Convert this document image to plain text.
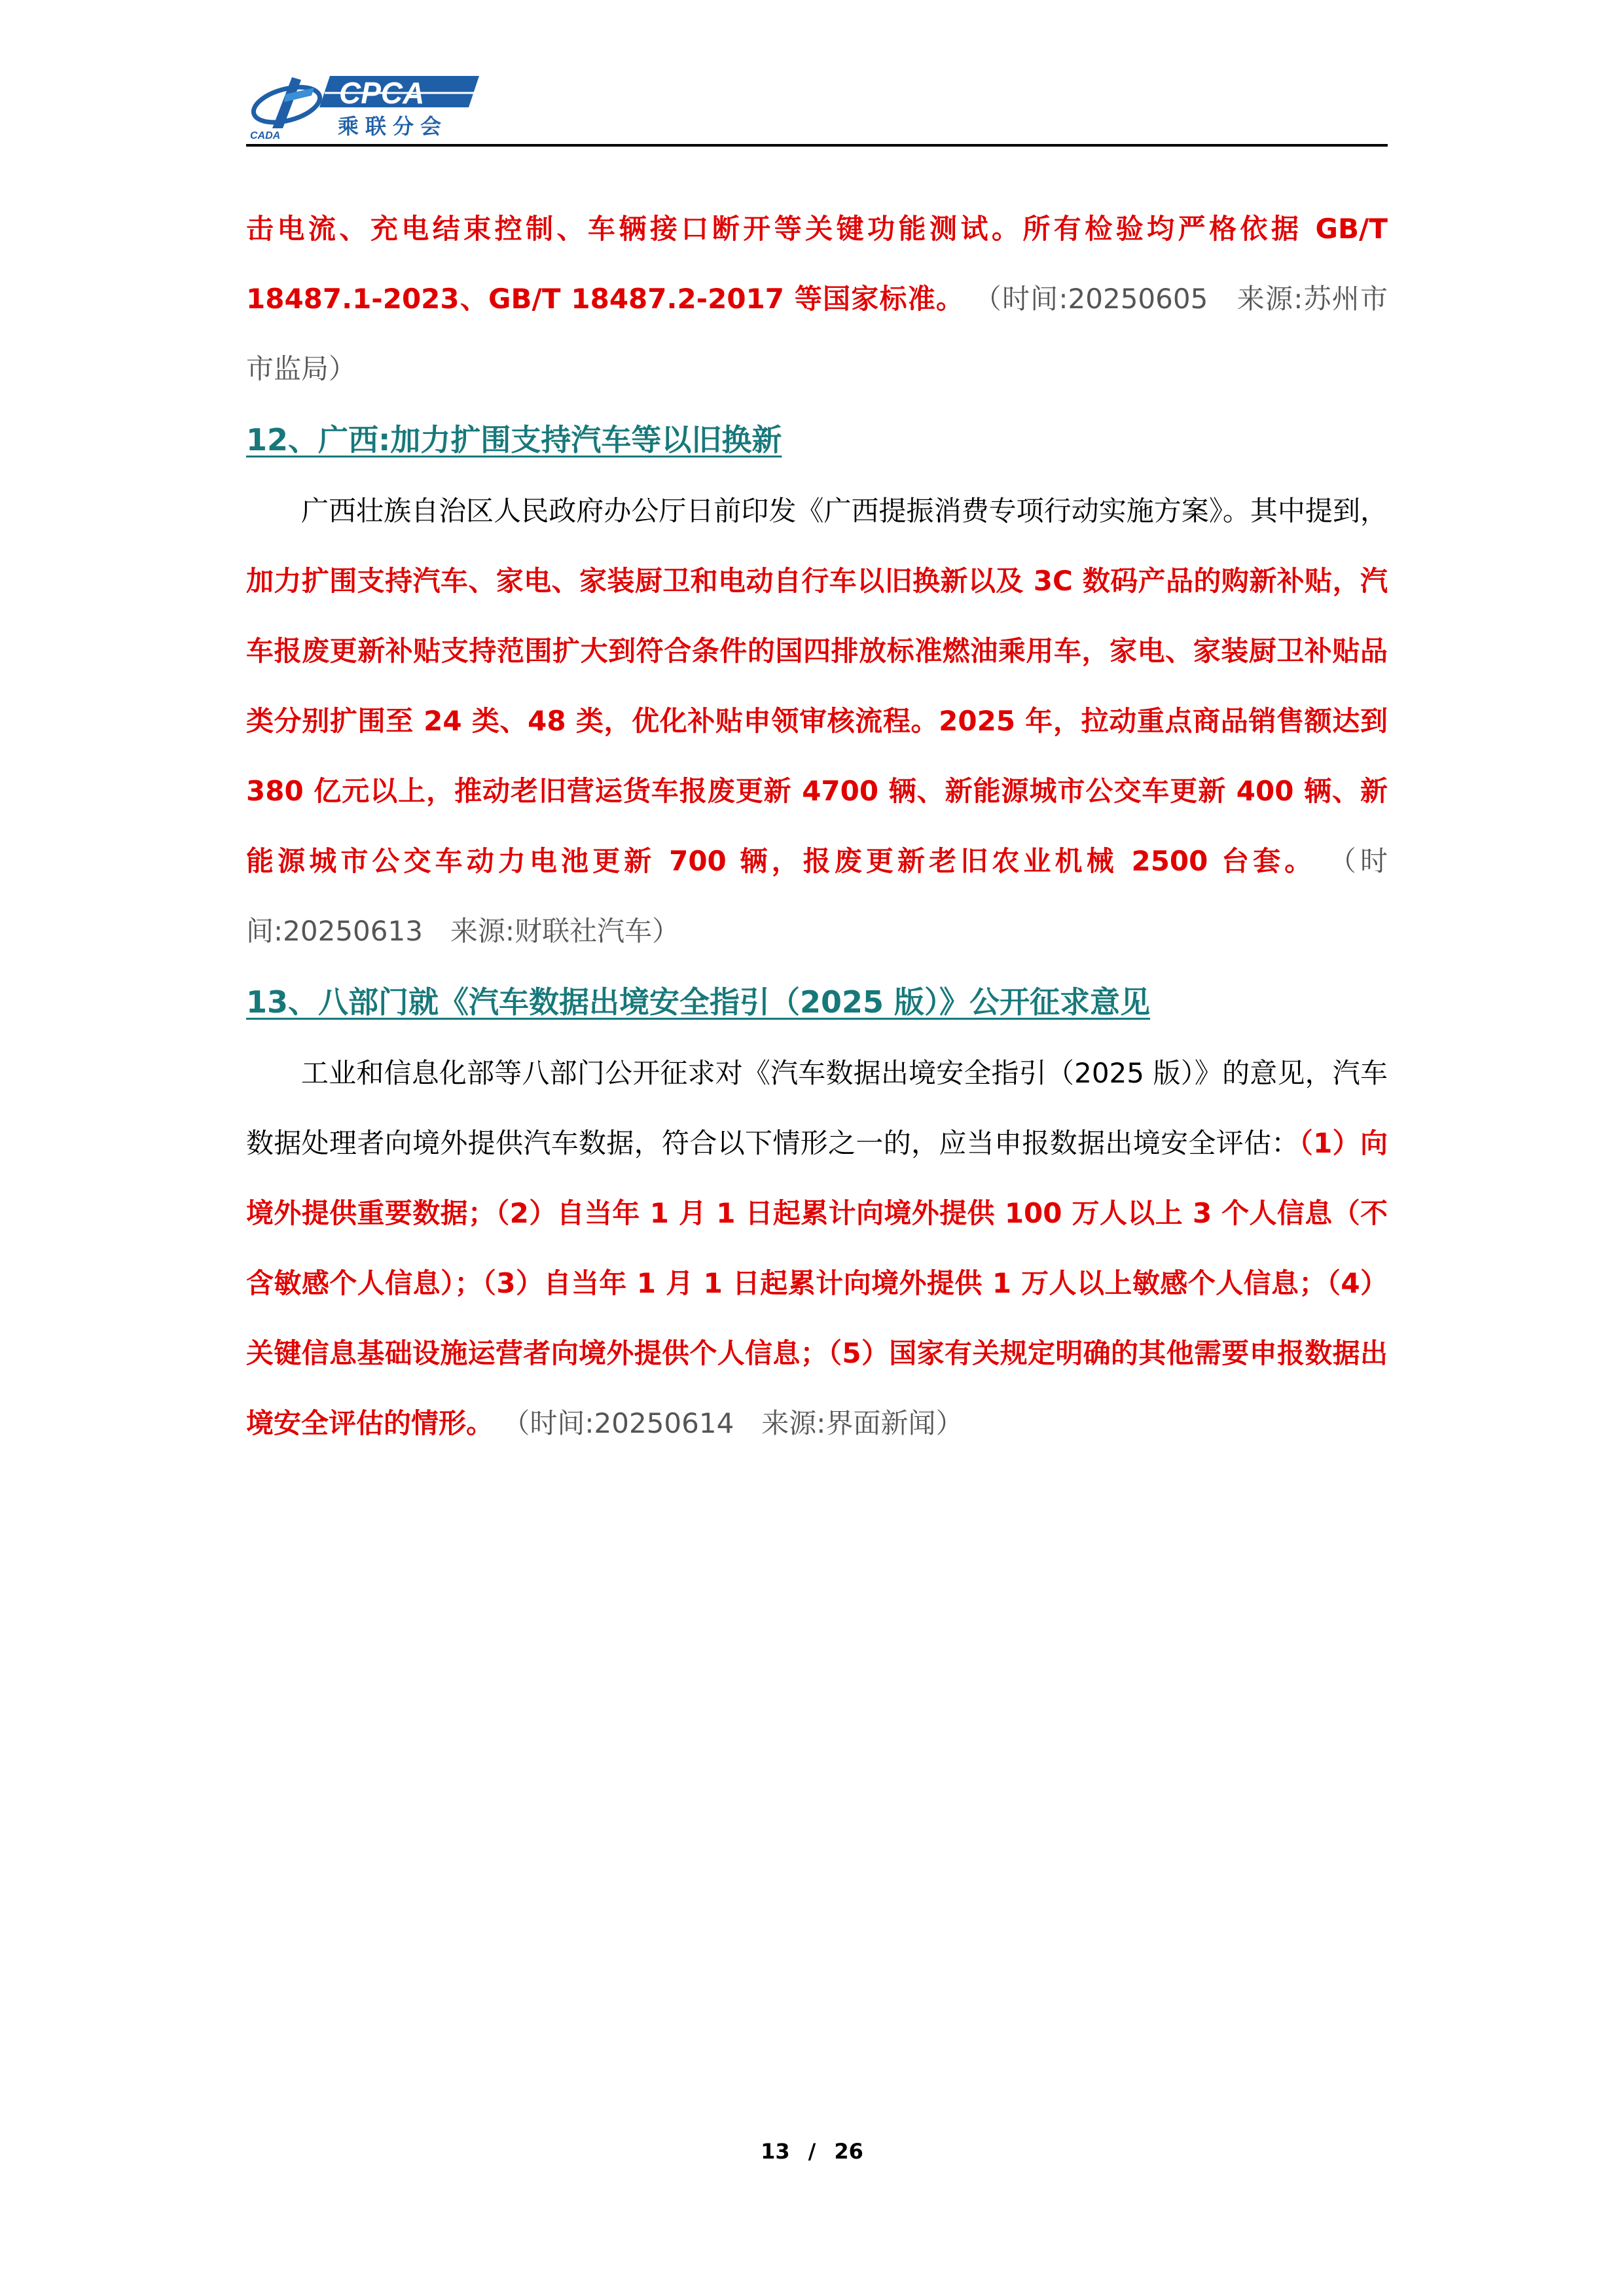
CADA
CPCA
乘联分会

击电流、充电结束控制、车辆接口断开等关键功能测试。所有检验均严格依据 GB/T 18487.1-2023、GB/T 18487.2-2017 等国家标准。 （时间:20250605　来源:苏州市市监局）

12、广西:加力扩围支持汽车等以旧换新

广西壮族自治区人民政府办公厅日前印发《广西提振消费专项行动实施方案》。其中提到，加力扩围支持汽车、家电、家装厨卫和电动自行车以旧换新以及 3C 数码产品的购新补贴，汽车报废更新补贴支持范围扩大到符合条件的国四排放标准燃油乘用车，家电、家装厨卫补贴品类分别扩围至 24 类、48 类，优化补贴申领审核流程。2025 年，拉动重点商品销售额达到 380 亿元以上，推动老旧营运货车报废更新 4700 辆、新能源城市公交车更新 400 辆、新能源城市公交车动力电池更新 700 辆，报废更新老旧农业机械 2500 台套。 （时间:20250613　来源:财联社汽车）

13、八部门就《汽车数据出境安全指引（2025 版）》公开征求意见

工业和信息化部等八部门公开征求对《汽车数据出境安全指引（2025 版）》的意见，汽车数据处理者向境外提供汽车数据，符合以下情形之一的，应当申报数据出境安全评估：（1）向境外提供重要数据；（2）自当年 1 月 1 日起累计向境外提供 100 万人以上 3 个人信息（不含敏感个人信息）；（3）自当年 1 月 1 日起累计向境外提供 1 万人以上敏感个人信息；（4）关键信息基础设施运营者向境外提供个人信息；（5）国家有关规定明确的其他需要申报数据出境安全评估的情形。 （时间:20250614　来源:界面新闻）

13 / 26
